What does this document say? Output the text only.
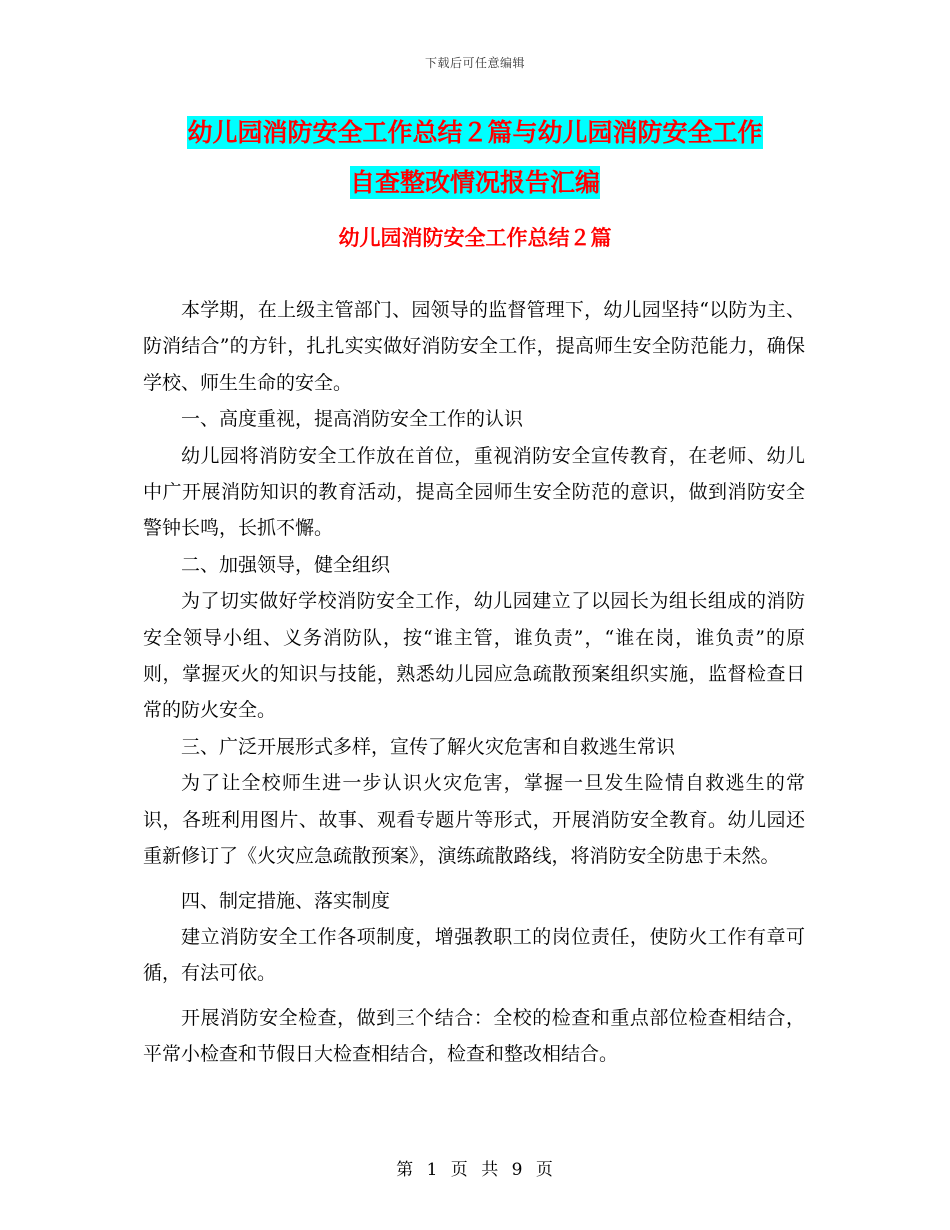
下载后可任意编辑
幼儿园消防安全工作总结２篇与幼儿园消防安全工作
自查整改情况报告汇编
幼儿园消防安全工作总结２篇

本学期，在上级主管部门、园领导的监督管理下，幼儿园坚持“以防为主、防消结合”的方针，扎扎实实做好消防安全工作，提高师生安全防范能力，确保学校、师生生命的安全。

一、高度重视，提高消防安全工作的认识

幼儿园将消防安全工作放在首位，重视消防安全宣传教育，在老师、幼儿中广开展消防知识的教育活动，提高全园师生安全防范的意识，做到消防安全警钟长鸣，长抓不懈。

二、加强领导，健全组织

为了切实做好学校消防安全工作，幼儿园建立了以园长为组长组成的消防安全领导小组、义务消防队，按“谁主管，谁负责”，“谁在岗，谁负责”的原则，掌握灭火的知识与技能，熟悉幼儿园应急疏散预案组织实施，监督检查日常的防火安全。

三、广泛开展形式多样，宣传了解火灾危害和自救逃生常识

为了让全校师生进一步认识火灾危害，掌握一旦发生险情自救逃生的常识，各班利用图片、故事、观看专题片等形式，开展消防安全教育。幼儿园还重新修订了《火灾应急疏散预案》，演练疏散路线，将消防安全防患于未然。

四、制定措施、落实制度

建立消防安全工作各项制度，增强教职工的岗位责任，使防火工作有章可循，有法可依。

开展消防安全检查，做到三个结合：全校的检查和重点部位检查相结合，平常小检查和节假日大检查相结合，检查和整改相结合。

第 1 页 共 9 页
